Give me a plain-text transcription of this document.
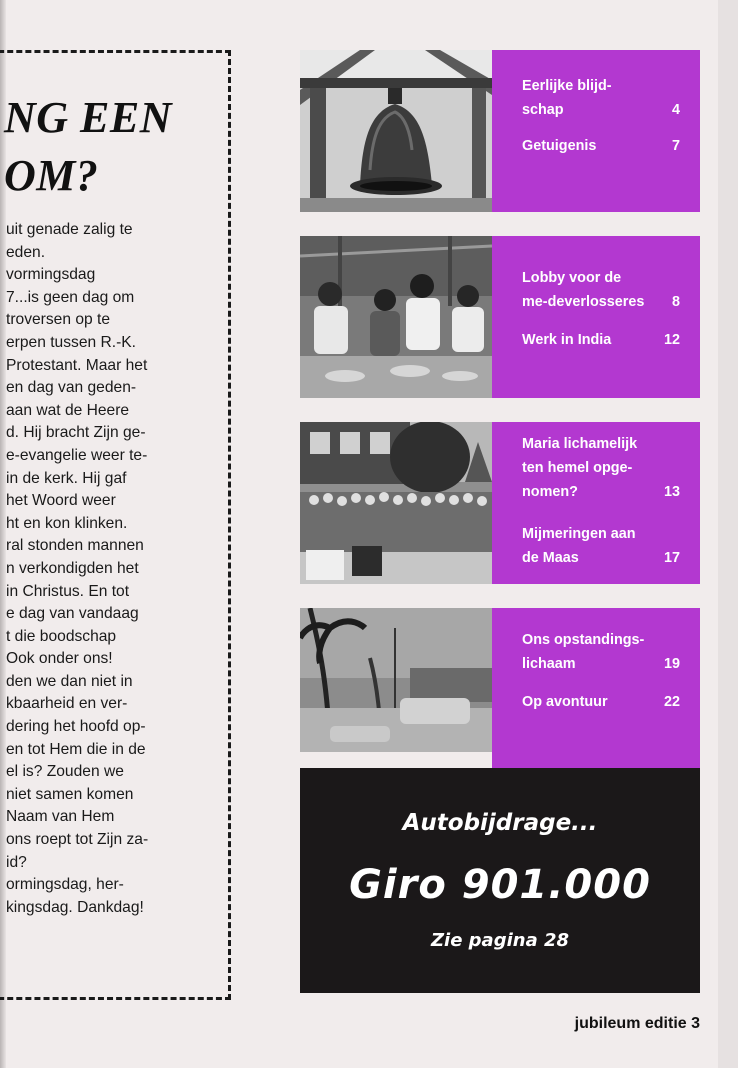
NG EEN
OM?
uit genade zalig te
eden.
vormingsdag
7...is geen dag om
troversen op te
erpen tussen R.-K.
Protestant. Maar het
en dag van geden-
aan wat de Heere
d. Hij bracht Zijn ge-
e-evangelie weer te-
in de kerk. Hij gaf
het Woord weer
ht en kon klinken.
ral stonden mannen
n verkondigden het
in Christus. En tot
e dag van vandaag
t die boodschap
Ook onder ons!
den we dan niet in
kbaarheid en ver-
dering het hoofd op-
en tot Hem die in de
el is? Zouden we
niet samen komen
Naam van Hem
ons roept tot Zijn za-
id?
ormingsdag, her-
kingsdag. Dankdag!
Eerlijke blijd-schap	4
Getuigenis	7
Lobby voor de me-deverlosseres	8
Werk in India	12
Maria lichamelijk ten hemel opge-nomen?	13
Mijmeringen aan de Maas	17
Ons opstandings-lichaam	19
Op avontuur	22
Autobijdrage...
Giro 901.000
Zie pagina 28
jubileum editie 3
